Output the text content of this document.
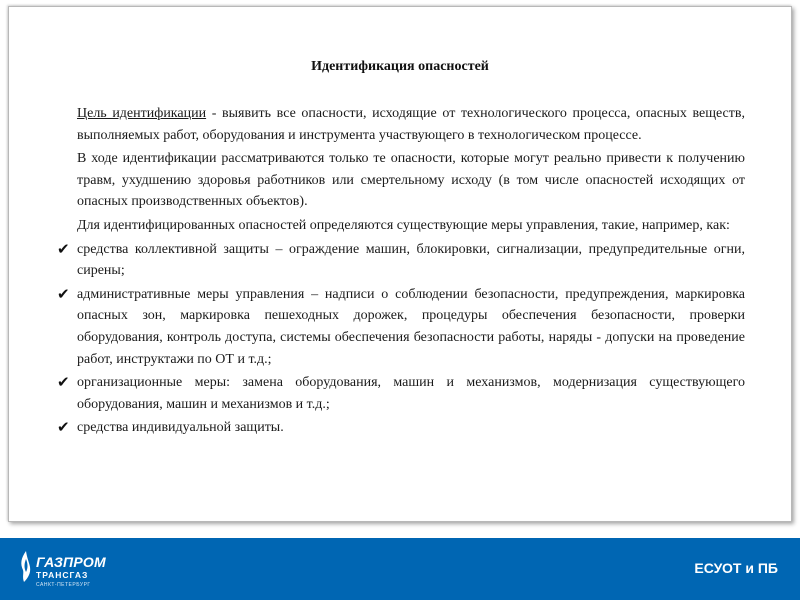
Идентификация опасностей

Цель идентификации - выявить все опасности, исходящие от технологического процесса, опасных веществ, выполняемых работ, оборудования и инструмента участвующего в технологическом процессе.

В ходе идентификации рассматриваются только те опасности, которые могут реально привести к получению травм, ухудшению здоровья работников или смертельному исходу (в том числе опасностей исходящих от опасных производственных объектов).

Для идентифицированных опасностей определяются существующие меры управления, такие, например, как:

✔ средства коллективной защиты – ограждение машин, блокировки, сигнализации, предупредительные огни, сирены;

✔ административные меры управления – надписи о соблюдении безопасности, предупреждения, маркировка опасных зон, маркировка пешеходных дорожек, процедуры обеспечения безопасности, проверки оборудования, контроль доступа, системы обеспечения безопасности работы, наряды - допуски на проведение работ, инструктажи по ОТ и т.д.;

✔ организационные меры: замена оборудования, машин и механизмов, модернизация существующего оборудования, машин и механизмов и т.д.;

✔ средства индивидуальной защиты.

ГАЗПРОМ
ТРАНСГАЗ
САНКТ-ПЕТЕРБУРГ
ЕСУОТ и ПБ
